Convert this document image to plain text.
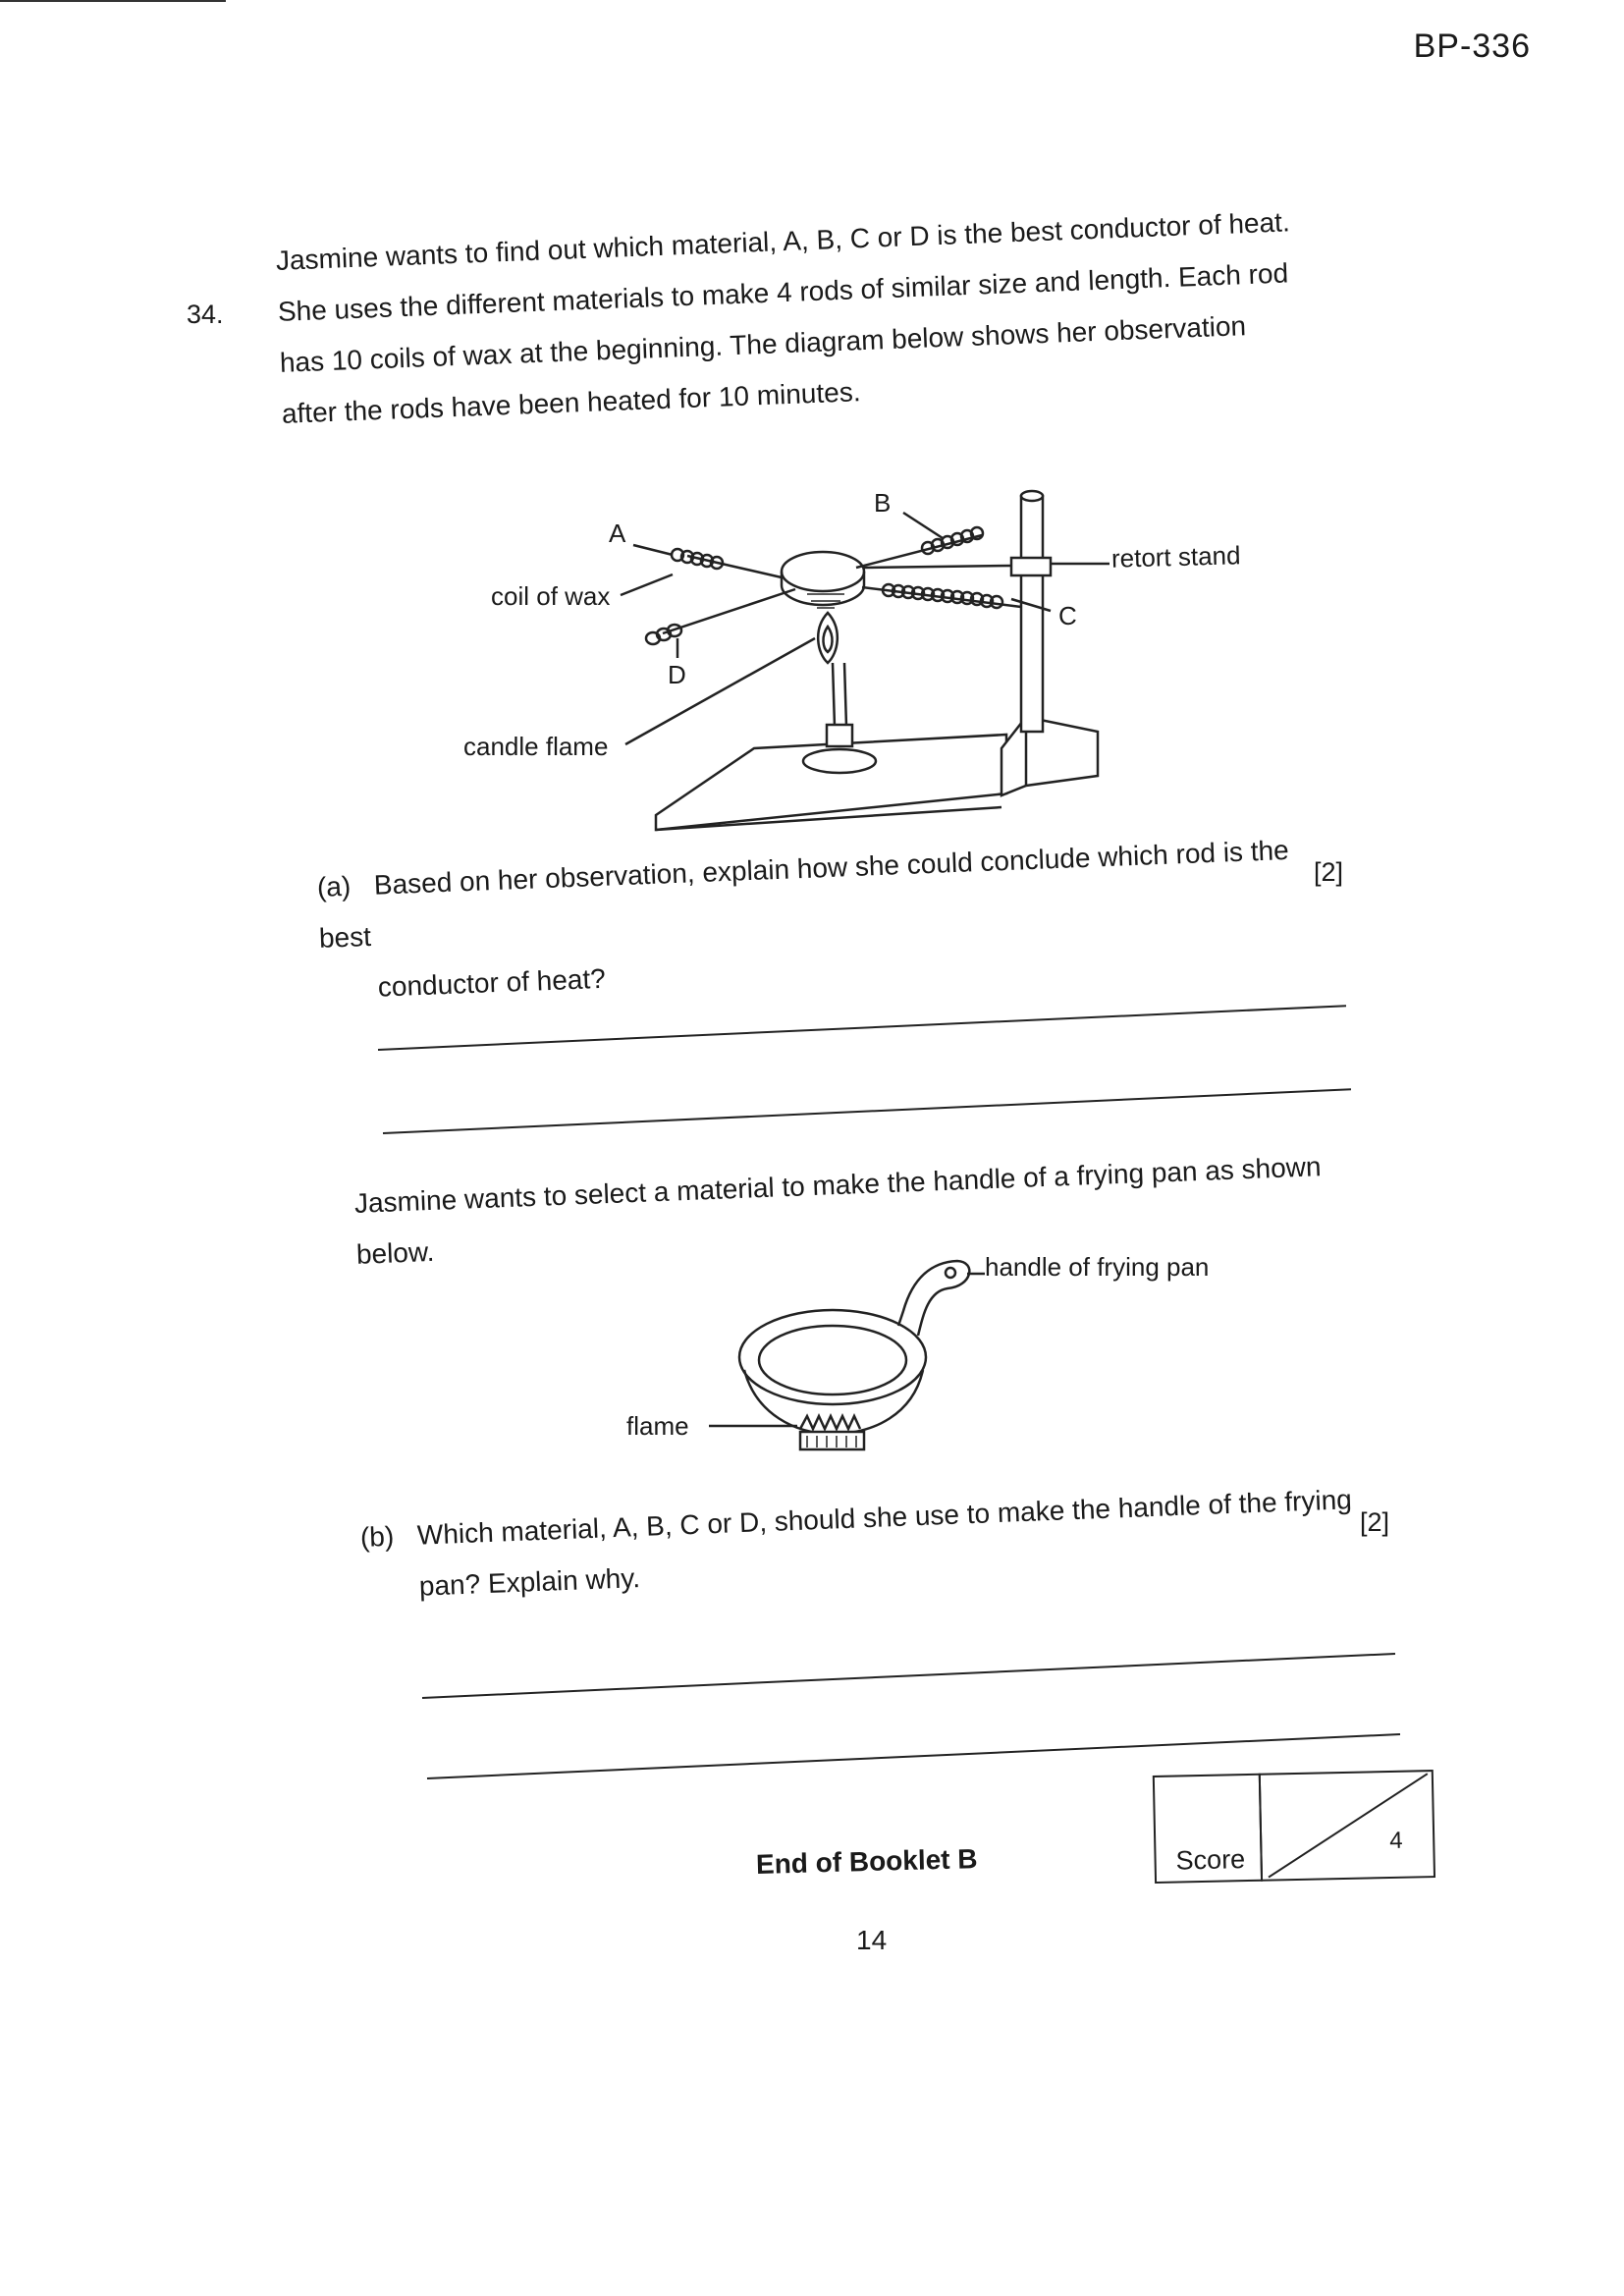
BP-336
34.

Jasmine wants to find out which material, A, B, C or D is the best conductor of heat.

She uses the different materials to make 4 rods of similar size and length. Each rod

has 10 coils of wax at the beginning. The diagram below shows her observation

after the rods have been heated for 10 minutes.

A
B
C
D
coil of wax
retort stand
candle flame
(a) Based on her observation, explain how she could conclude which rod is the best
conductor of heat?
[2]
Jasmine wants to select a material to make the handle of a frying pan as shown
below.	handle of frying pan
flame
(b) Which material, A, B, C or D, should she use to make the handle of the frying
pan? Explain why.
[2]
End of Booklet B	Score
4
14
